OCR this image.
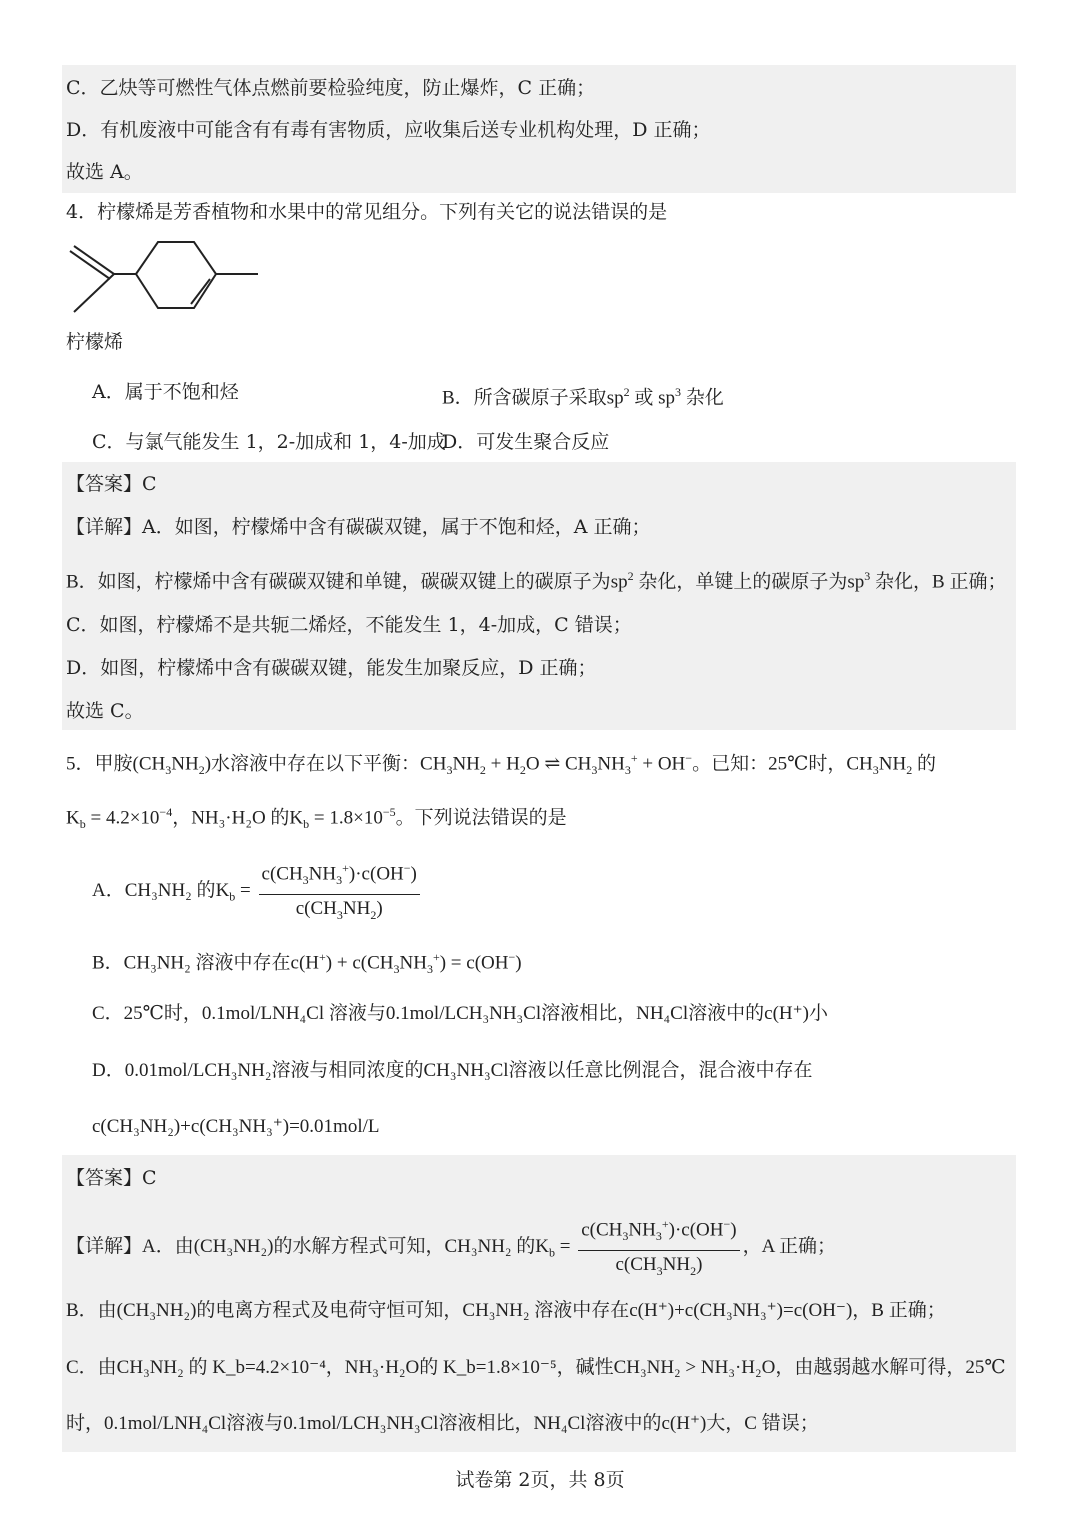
C．乙炔等可燃性气体点燃前要检验纯度，防止爆炸，C 正确；
D．有机废液中可能含有有毒有害物质，应收集后送专业机构处理，D 正确；
故选 A。
4．柠檬烯是芳香植物和水果中的常见组分。下列有关它的说法错误的是
柠檬烯
A．属于不饱和烃	B．所含碳原子采取$sp^2$ 或 $sp^3$ 杂化
C．与氯气能发生 1，2-加成和 1，4-加成
D．可发生聚合反应
【答案】C
【详解】A．如图，柠檬烯中含有碳碳双键，属于不饱和烃，A 正确；
B．如图，柠檬烯中含有碳碳双键和单键，碳碳双键上的碳原子为$sp^2$ 杂化，单键上的碳原子为$sp^3$ 杂化，B 正确；
C．如图，柠檬烯不是共轭二烯烃，不能发生 1，4-加成，C 错误；
D．如图，柠檬烯中含有碳碳双键，能发生加聚反应，D 正确；
故选 C。
5．甲胺$(CH_3NH_2)$水溶液中存在以下平衡：$CH_3NH_2 + H_2O$ ⇌ $CH_3NH_3^+ + OH^-$。已知：25℃时，$CH_3NH_2$ 的
$K_b = 4.2\times 10^{-4}$，NH₃·H₂O 的$K_b = 1.8\times 10^{-5}$。下列说法错误的是
A．CH₃NH₂ 的$K_b = \frac{c(CH_3NH_3^+)\cdot c(OH^-)}{c(CH_3NH_2)}$
B．CH₃NH₂ 溶液中存在$c(H^+) + c(CH_3NH_3^+) = c(OH^-)$
C．25℃时，0.1mol/LNH₄Cl 溶液与0.1mol/LCH₃NH₃Cl溶液相比，NH₄Cl溶液中的c(H⁺)小
D．0.01mol/LCH₃NH₂溶液与相同浓度的CH₃NH₃Cl溶液以任意比例混合，混合液中存在
c(CH₃NH₂)+c(CH₃NH₃⁺)=0.01mol/L
【答案】C
【详解】A．由(CH₃NH₂)的水解方程式可知，CH₃NH₂ 的$K_b = \frac{c(CH_3NH_3^+)\cdot c(OH^-)}{c(CH_3NH_2)}$ ，A 正确；
B．由(CH₃NH₂)的电离方程式及电荷守恒可知，CH₃NH₂ 溶液中存在c(H⁺)+c(CH₃NH₃⁺)=c(OH⁻)，B 正确；
C．由CH₃NH₂ 的 K_b=4.2×10⁻⁴，NH₃·H₂O的 K_b=1.8×10⁻⁵，碱性CH₃NH₂ > NH₃·H₂O，由越弱越水解可得，25℃
时，0.1mol/LNH₄Cl溶液与0.1mol/LCH₃NH₃Cl溶液相比，NH₄Cl溶液中的c(H⁺)大，C 错误；
试卷第 2页，共 8页
